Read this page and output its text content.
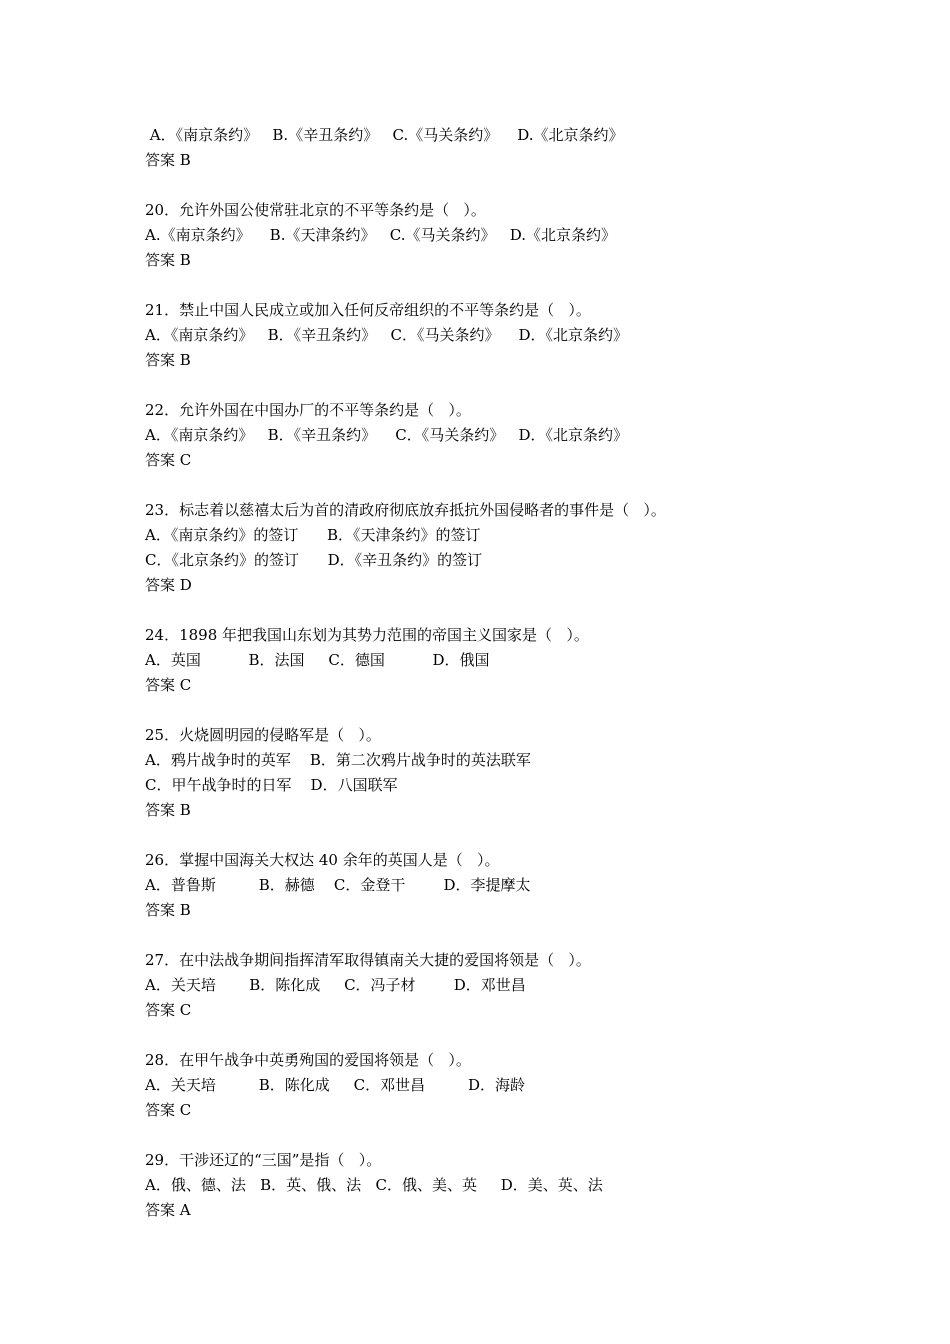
A．《南京条约》   B.《辛丑条约》   C.《马关条约》    D.《北京条约》
答案 B
20．允许外国公使常驻北京的不平等条约是（   ）。
A.《南京条约》    B.《天津条约》   C.《马关条约》   D.《北京条约》
答案 B
21．禁止中国人民成立或加入任何反帝组织的不平等条约是（   ）。
A．《南京条约》   B．《辛丑条约》   C．《马关条约》    D．《北京条约》
答案 B
22．允许外国在中国办厂的不平等条约是（   ）。
A．《南京条约》   B．《辛丑条约》    C．《马关条约》   D．《北京条约》
答案 C
23．标志着以慈禧太后为首的清政府彻底放弃抵抗外国侵略者的事件是（   ）。
A．《南京条约》的签订      B．《天津条约》的签订
C．《北京条约》的签订      D．《辛丑条约》的签订
答案 D
24．1898 年把我国山东划为其势力范围的帝国主义国家是（   ）。
A．英国          B．法国     C．德国          D．俄国
答案 C
25．火烧圆明园的侵略军是（   ）。
A．鸦片战争时的英军    B．第二次鸦片战争时的英法联军
C．甲午战争时的日军    D．八国联军
答案 B
26．掌握中国海关大权达 40 余年的英国人是（   ）。
A．普鲁斯         B．赫德    C．金登干        D．李提摩太
答案 B
27．在中法战争期间指挥清军取得镇南关大捷的爱国将领是（   ）。
A．关天培       B．陈化成     C．冯子材        D．邓世昌
答案 C
28．在甲午战争中英勇殉国的爱国将领是（   ）。
A．关天培         B．陈化成     C．邓世昌         D．海龄
答案 C
29．干涉还辽的“三国”是指（   ）。
A．俄、德、法   B．英、俄、法   C．俄、美、英     D．美、英、法
答案 A
